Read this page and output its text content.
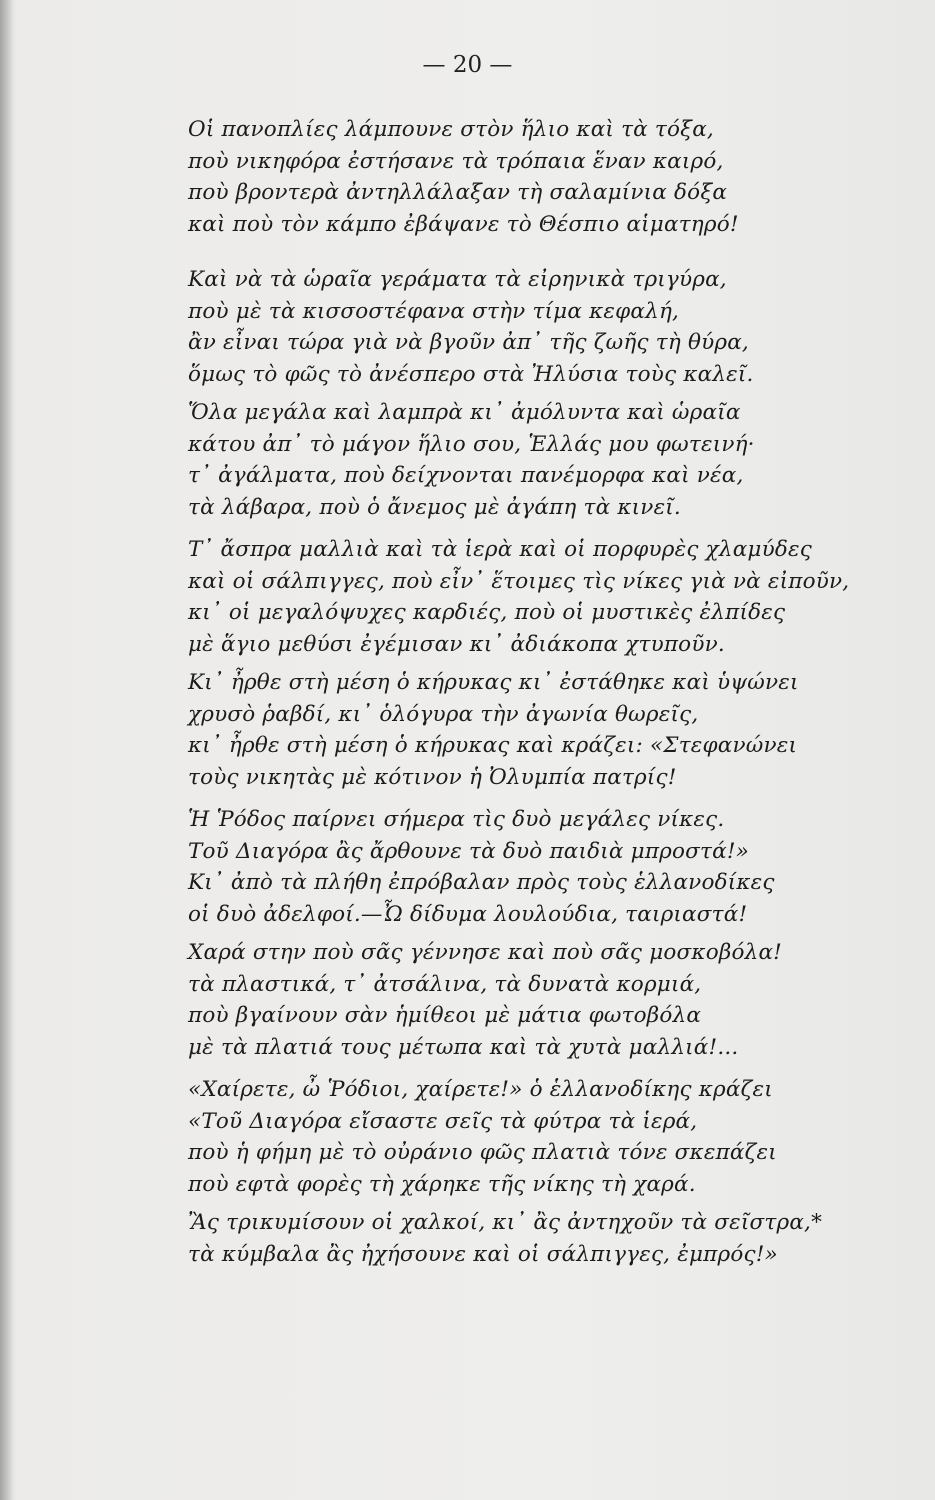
— 20 —
Οἱ πανοπλίες λάμπουνε στὸν ἥλιο καὶ τὰ τόξα,
ποὺ νικηφόρα ἐστήσανε τὰ τρόπαια ἕναν καιρό,
ποὺ βροντερὰ ἀντηλλάλαξαν τὴ σαλαμίνια δόξα
καὶ ποὺ τὸν κάμπο ἐβάψανε τὸ Θέσπιο αἱματηρό!
Καὶ νὰ τὰ ὡραῖα γεράματα τὰ εἰρηνικὰ τριγύρα,
ποὺ μὲ τὰ κισσοστέφανα στὴν τίμα κεφαλή,
ἂν εἶναι τώρα γιὰ νὰ βγοῦν ἀπ᾿ τῆς ζωῆς τὴ θύρα,
ὅμως τὸ φῶς τὸ ἀνέσπερο στὰ Ἠλύσια τοὺς καλεῖ.
Ὅλα μεγάλα καὶ λαμπρὰ κι᾿ ἀμόλυντα καὶ ὡραῖα
κάτου ἀπ᾿ τὸ μάγον ἥλιο σου, Ἑλλάς μου φωτεινή·
τ᾿ ἀγάλματα, ποὺ δείχνονται πανέμορφα καὶ νέα,
τὰ λάβαρα, ποὺ ὁ ἄνεμος μὲ ἀγάπη τὰ κινεῖ.
Τ᾿ ἄσπρα μαλλιὰ καὶ τὰ ἱερὰ καὶ οἱ πορφυρὲς χλαμύδες
καὶ οἱ σάλπιγγες, ποὺ εἶν᾿ ἕτοιμες τὶς νίκες γιὰ νὰ εἰποῦν,
κι᾿ οἱ μεγαλόψυχες καρδιές, ποὺ οἱ μυστικὲς ἐλπίδες
μὲ ἅγιο μεθύσι ἐγέμισαν κι᾿ ἀδιάκοπα χτυποῦν.
Κι᾿ ἦρθε στὴ μέση ὁ κήρυκας κι᾿ ἐστάθηκε καὶ ὑψώνει
χρυσὸ ῥαβδί, κι᾿ ὁλόγυρα τὴν ἀγωνία θωρεῖς,
κι᾿ ἦρθε στὴ μέση ὁ κήρυκας καὶ κράζει: «Στεφανώνει
τοὺς νικητὰς μὲ κότινον ἡ Ὀλυμπία πατρίς!
Ἡ Ῥόδος παίρνει σήμερα τὶς δυὸ μεγάλες νίκες.
Τοῦ Διαγόρα ἂς ἄρθουνε τὰ δυὸ παιδιὰ μπροστά!»
Κι᾿ ἀπὸ τὰ πλήθη ἐπρόβαλαν πρὸς τοὺς ἑλλανοδίκες
οἱ δυὸ ἀδελφοί.—Ὦ δίδυμα λουλούδια, ταιριαστά!
Χαρά στην ποὺ σᾶς γέννησε καὶ ποὺ σᾶς μοσκοβόλα!
τὰ πλαστικά, τ᾿ ἀτσάλινα, τὰ δυνατὰ κορμιά,
ποὺ βγαίνουν σὰν ἡμίθεοι μὲ μάτια φωτοβόλα
μὲ τὰ πλατιά τους μέτωπα καὶ τὰ χυτὰ μαλλιά!...
«Χαίρετε, ὦ Ῥόδιοι, χαίρετε!» ὁ ἑλλανοδίκης κράζει
«Τοῦ Διαγόρα εἴσαστε σεῖς τὰ φύτρα τὰ ἱερά,
ποὺ ἡ φήμη μὲ τὸ οὐράνιο φῶς πλατιὰ τόνε σκεπάζει
ποὺ εφτὰ φορὲς τὴ χάρηκε τῆς νίκης τὴ χαρά.
Ἂς τρικυμίσουν οἱ χαλκοί, κι᾿ ἂς ἀντηχοῦν τὰ σεῖστρα,*
τὰ κύμβαλα ἂς ἠχήσουνε καὶ οἱ σάλπιγγες, ἐμπρός!»
